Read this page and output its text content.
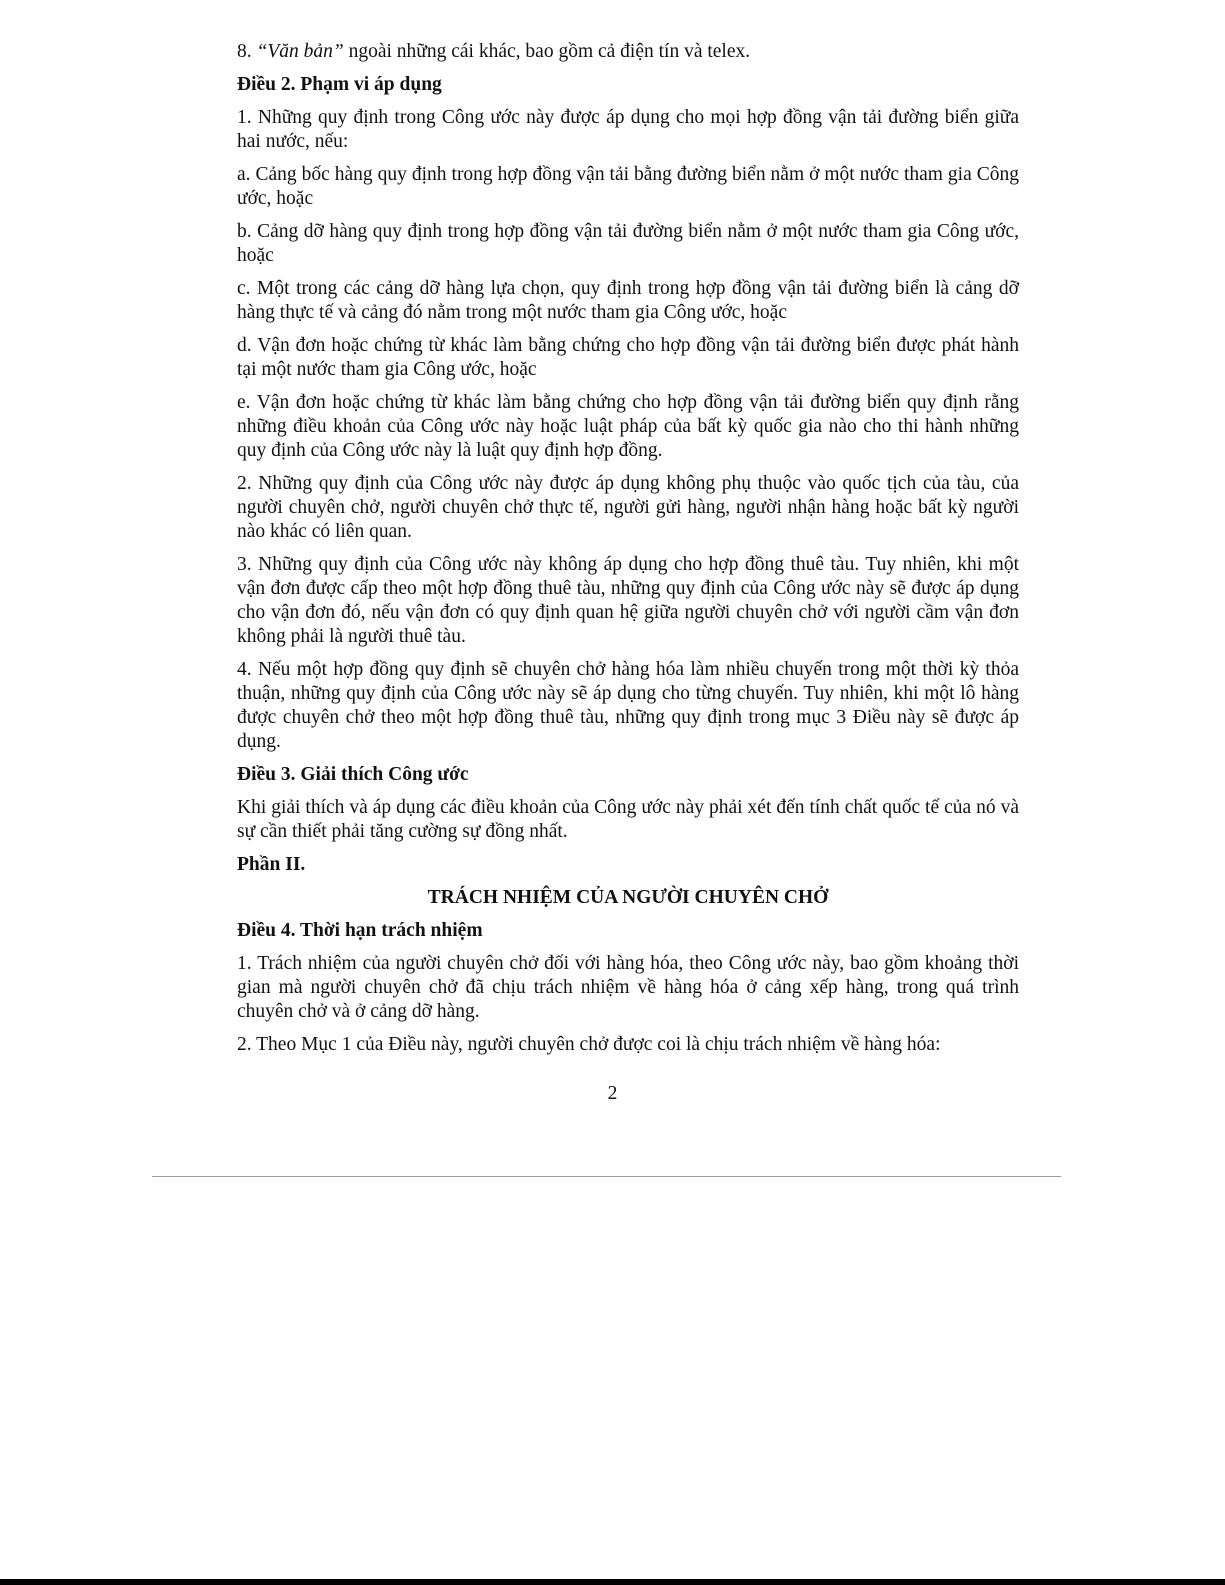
8. “Văn bản” ngoài những cái khác, bao gồm cả điện tín và telex.

Điều 2. Phạm vi áp dụng

1. Những quy định trong Công ước này được áp dụng cho mọi hợp đồng vận tải đường biển giữa hai nước, nếu:

a. Cảng bốc hàng quy định trong hợp đồng vận tải bằng đường biển nằm ở một nước tham gia Công ước, hoặc

b. Cảng dỡ hàng quy định trong hợp đồng vận tải đường biển nằm ở một nước tham gia Công ước, hoặc

c. Một trong các cảng dỡ hàng lựa chọn, quy định trong hợp đồng vận tải đường biển là cảng dỡ hàng thực tế và cảng đó nằm trong một nước tham gia Công ước, hoặc

d. Vận đơn hoặc chứng từ khác làm bằng chứng cho hợp đồng vận tải đường biển được phát hành tại một nước tham gia Công ước, hoặc

e. Vận đơn hoặc chứng từ khác làm bằng chứng cho hợp đồng vận tải đường biển quy định rằng những điều khoản của Công ước này hoặc luật pháp của bất kỳ quốc gia nào cho thi hành những quy định của Công ước này là luật quy định hợp đồng.

2. Những quy định của Công ước này được áp dụng không phụ thuộc vào quốc tịch của tàu, của người chuyên chở, người chuyên chở thực tế, người gửi hàng, người nhận hàng hoặc bất kỳ người nào khác có liên quan.

3. Những quy định của Công ước này không áp dụng cho hợp đồng thuê tàu. Tuy nhiên, khi một vận đơn được cấp theo một hợp đồng thuê tàu, những quy định của Công ước này sẽ được áp dụng cho vận đơn đó, nếu vận đơn có quy định quan hệ giữa người chuyên chở với người cầm vận đơn không phải là người thuê tàu.

4. Nếu một hợp đồng quy định sẽ chuyên chở hàng hóa làm nhiều chuyến trong một thời kỳ thỏa thuận, những quy định của Công ước này sẽ áp dụng cho từng chuyến. Tuy nhiên, khi một lô hàng được chuyên chở theo một hợp đồng thuê tàu, những quy định trong mục 3 Điều này sẽ được áp dụng.

Điều 3. Giải thích Công ước

Khi giải thích và áp dụng các điều khoản của Công ước này phải xét đến tính chất quốc tế của nó và sự cần thiết phải tăng cường sự đồng nhất.

Phần II.

TRÁCH NHIỆM CỦA NGƯỜI CHUYÊN CHỞ

Điều 4. Thời hạn trách nhiệm

1. Trách nhiệm của người chuyên chở đối với hàng hóa, theo Công ước này, bao gồm khoảng thời gian mà người chuyên chở đã chịu trách nhiệm về hàng hóa ở cảng xếp hàng, trong quá trình chuyên chở và ở cảng dỡ hàng.

2. Theo Mục 1 của Điều này, người chuyên chở được coi là chịu trách nhiệm về hàng hóa:

2
